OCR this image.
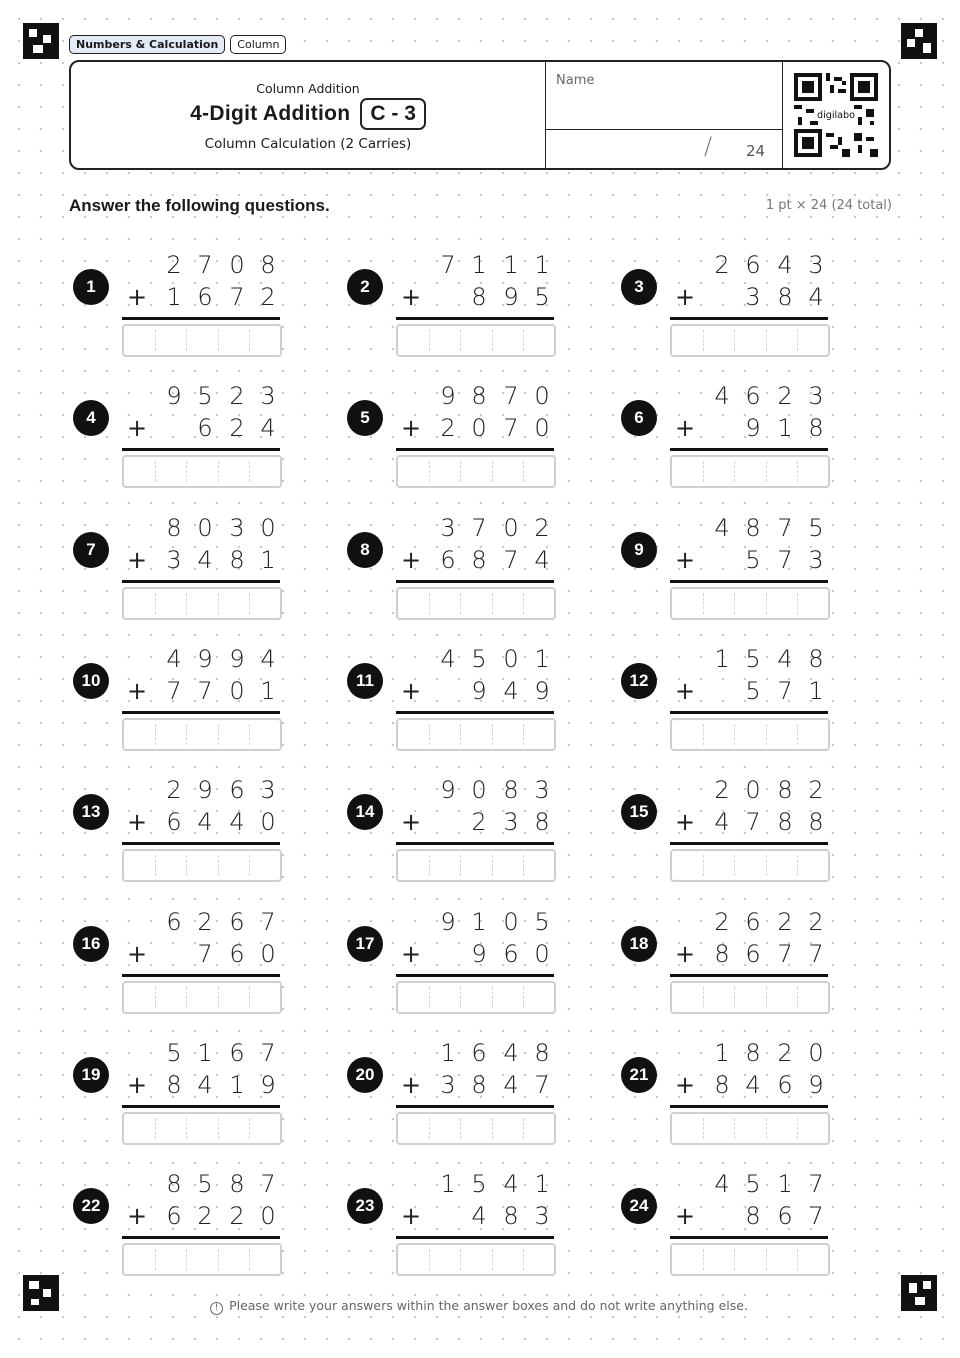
Numbers & Calculation	Column
Column Addition
4-Digit Addition C - 3
Column Calculation (2 Carries)
Name
/ 24
digilabo
Answer the following questions.	1 pt × 24 (24 total)
1
2 7 0 8
1 6 7 2
+	2
7 1 1 1
8 9 5
+	3
2 6 4 3
3 8 4
+
4
9 5 2 3
6 2 4
+	5
9 8 7 0
2 0 7 0
+	6
4 6 2 3
9 1 8
+
7
8 0 3 0
3 4 8 1
+	8
3 7 0 2
6 8 7 4
+	9
4 8 7 5
5 7 3
+
10
4 9 9 4
7 7 0 1
+	11
4 5 0 1
9 4 9
+	12
1 5 4 8
5 7 1
+
13
2 9 6 3
6 4 4 0
+	14
9 0 8 3
2 3 8
+	15
2 0 8 2
4 7 8 8
+
16
6 2 6 7
7 6 0
+	17
9 1 0 5
9 6 0
+	18
2 6 2 2
8 6 7 7
+
19
5 1 6 7
8 4 1 9
+	20
1 6 4 8
3 8 4 7
+	21
1 8 2 0
8 4 6 9
+
22
8 5 8 7
6 2 2 0
+	23
1 5 4 1
4 8 3
+	24
4 5 1 7
8 6 7
+
! Please write your answers within the answer boxes and do not write anything else.
